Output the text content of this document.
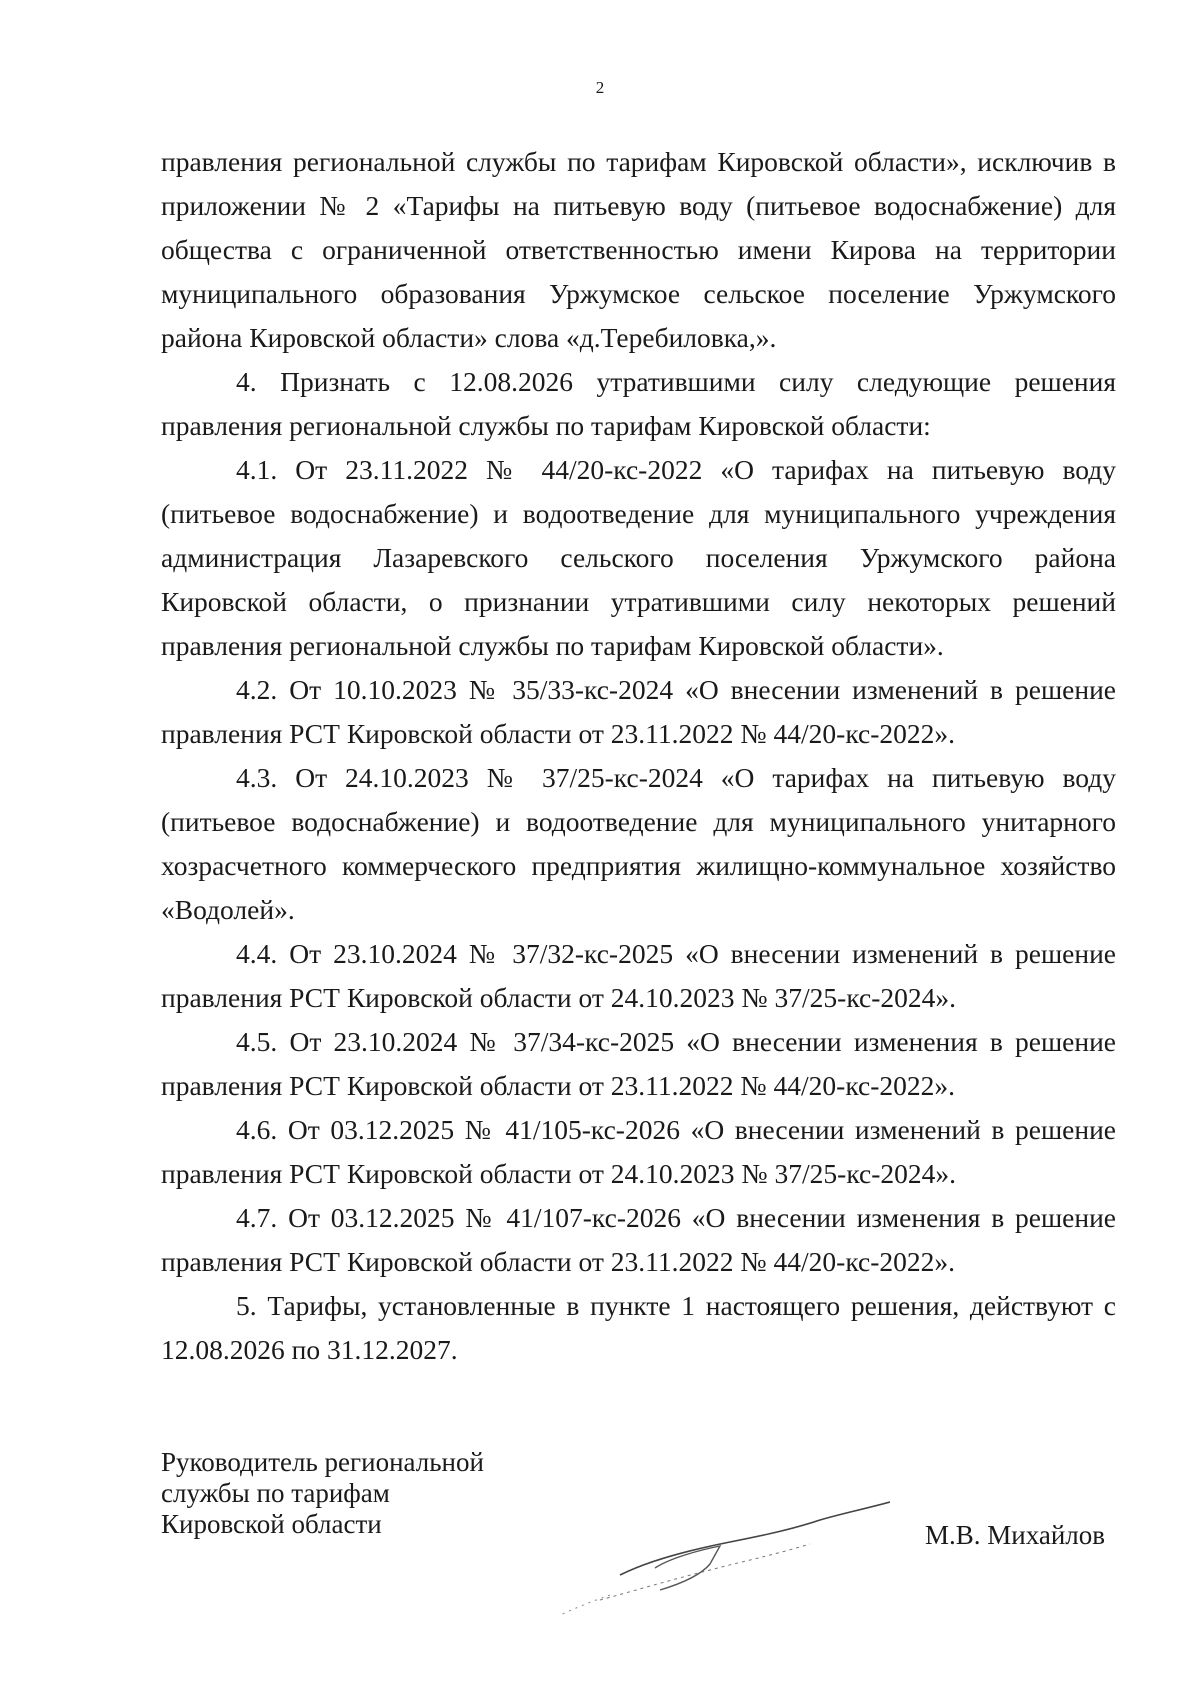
2

правления региональной службы по тарифам Кировской области», исключив в приложении № 2 «Тарифы на питьевую воду (питьевое водоснабжение) для общества с ограниченной ответственностью имени Кирова на территории муниципального образования Уржумское сельское поселение Уржумского района Кировской области» слова «д.Теребиловка,».

4. Признать с 12.08.2026 утратившими силу следующие решения правления региональной службы по тарифам Кировской области:

4.1. От 23.11.2022 № 44/20-кс-2022 «О тарифах на питьевую воду (питьевое водоснабжение) и водоотведение для муниципального учреждения администрация Лазаревского сельского поселения Уржумского района Кировской области, о признании утратившими силу некоторых решений правления региональной службы по тарифам Кировской области».

4.2. От 10.10.2023 № 35/33-кс-2024 «О внесении изменений в решение правления РСТ Кировской области от 23.11.2022 № 44/20-кс-2022».

4.3. От 24.10.2023 № 37/25-кс-2024 «О тарифах на питьевую воду (питьевое водоснабжение) и водоотведение для муниципального унитарного хозрасчетного коммерческого предприятия жилищно-коммунальное хозяйство «Водолей».

4.4. От 23.10.2024 № 37/32-кс-2025 «О внесении изменений в решение правления РСТ Кировской области от 24.10.2023 № 37/25-кс-2024».

4.5. От 23.10.2024 № 37/34-кс-2025 «О внесении изменения в решение правления РСТ Кировской области от 23.11.2022 № 44/20-кс-2022».

4.6. От 03.12.2025 № 41/105-кс-2026 «О внесении изменений в решение правления РСТ Кировской области от 24.10.2023 № 37/25-кс-2024».

4.7. От 03.12.2025 № 41/107-кс-2026 «О внесении изменения в решение правления РСТ Кировской области от 23.11.2022 № 44/20-кс-2022».

5. Тарифы, установленные в пункте 1 настоящего решения, действуют с 12.08.2026 по 31.12.2027.

Руководитель региональной
службы по тарифам
Кировской области	М.В. Михайлов
